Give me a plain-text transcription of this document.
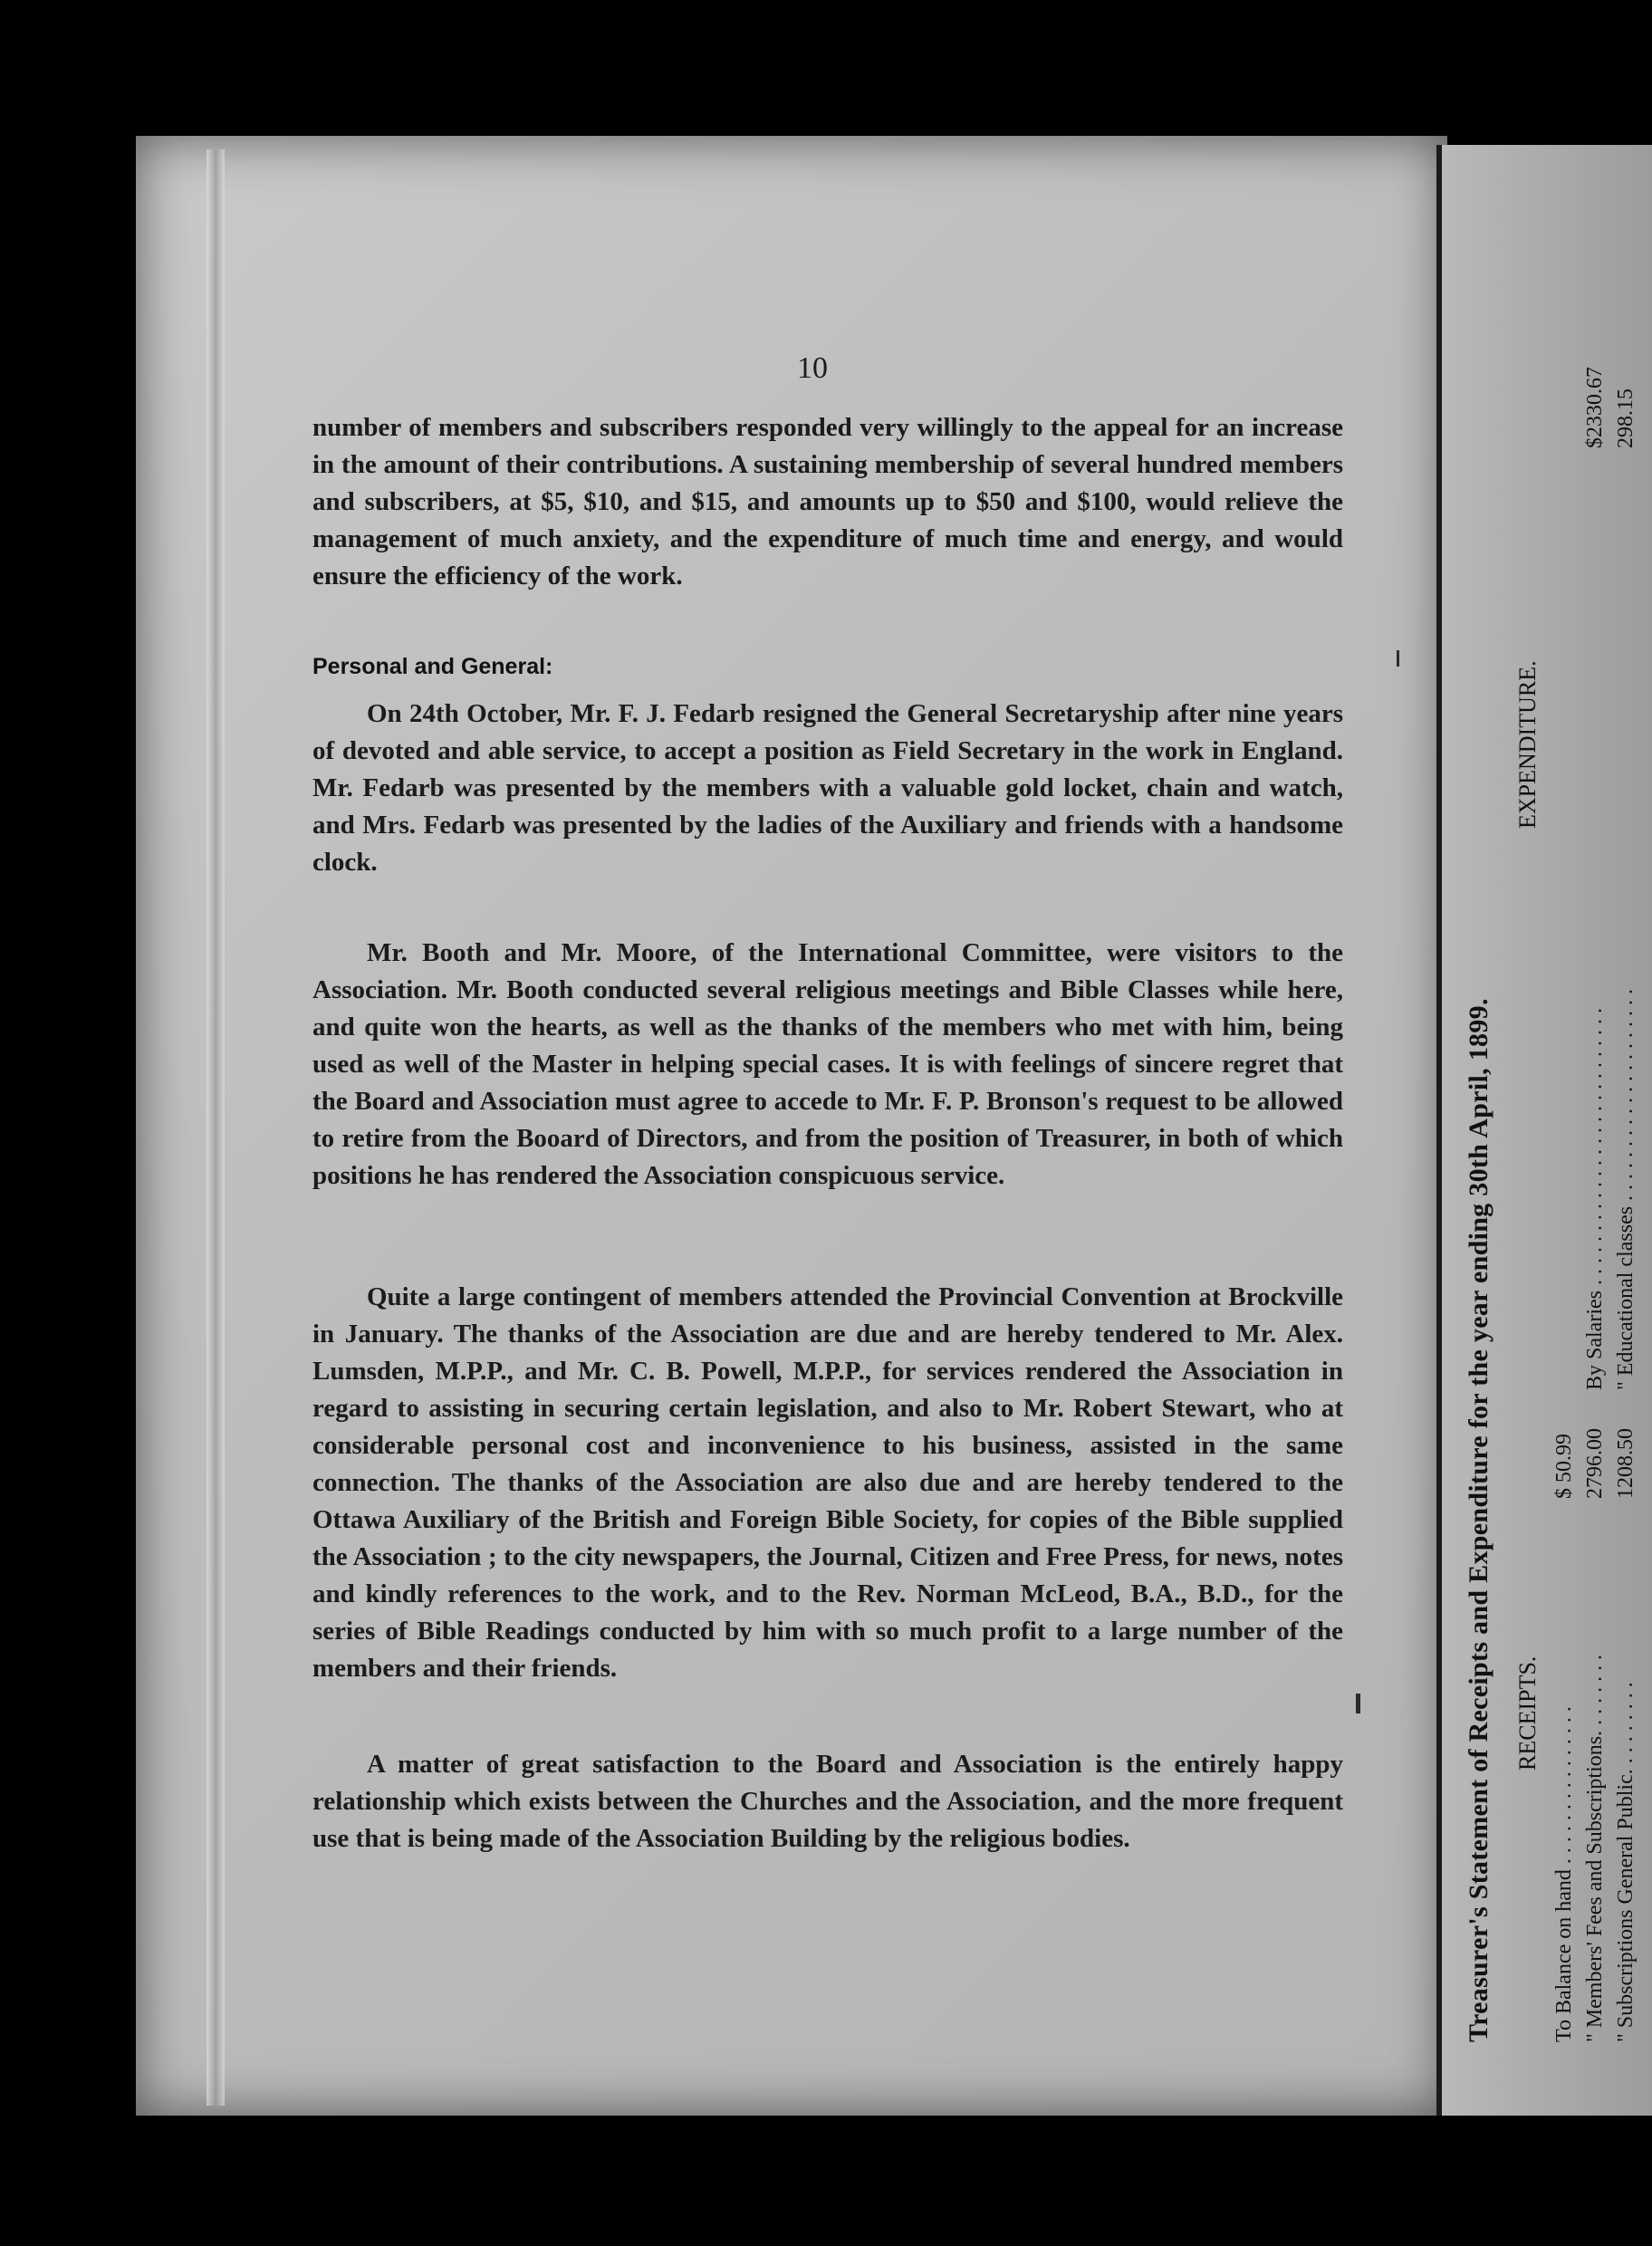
10
number of members and subscribers responded very willingly to the appeal for an increase in the amount of their contributions. A sustaining membership of several hundred members and subscribers, at $5, $10, and $15, and amounts up to $50 and $100, would relieve the management of much anxiety, and the expenditure of much time and energy, and would ensure the efficiency of the work.
Personal and General:
On 24th October, Mr. F. J. Fedarb resigned the General Secretaryship after nine years of devoted and able service, to accept a position as Field Secretary in the work in England. Mr. Fedarb was presented by the members with a valuable gold locket, chain and watch, and Mrs. Fedarb was presented by the ladies of the Auxiliary and friends with a handsome clock.
Mr. Booth and Mr. Moore, of the International Committee, were visitors to the Association. Mr. Booth conducted several religious meetings and Bible Classes while here, and quite won the hearts, as well as the thanks of the members who met with him, being used as well of the Master in helping special cases. It is with feelings of sincere regret that the Board and Association must agree to accede to Mr. F. P. Bronson's request to be allowed to retire from the Booard of Directors, and from the position of Treasurer, in both of which positions he has rendered the Association conspicuous service.
Quite a large contingent of members attended the Provincial Convention at Brockville in January. The thanks of the Association are due and are hereby tendered to Mr. Alex. Lumsden, M.P.P., and Mr. C. B. Powell, M.P.P., for services rendered the Association in regard to assisting in securing certain legislation, and also to Mr. Robert Stewart, who at considerable personal cost and inconvenience to his business, assisted in the same connection. The thanks of the Association are also due and are hereby tendered to the Ottawa Auxiliary of the British and Foreign Bible Society, for copies of the Bible supplied the Association ; to the city newspapers, the Journal, Citizen and Free Press, for news, notes and kindly references to the work, and to the Rev. Norman McLeod, B.A., B.D., for the series of Bible Readings conducted by him with so much profit to a large number of the members and their friends.
A matter of great satisfaction to the Board and Association is the entirely happy relationship which exists between the Churches and the Association, and the more frequent use that is being made of the Association Building by the religious bodies.	Treasurer's Statement of Receipts and Expenditure for the year ending 30th April, 1899. RECEIPTS.
EXPENDITURE.
To Balance on hand . . . . . . . . . . . . . . .
$ 50.99
" Members' Fees and Subscriptions. . . . . . . .
2796.00
" Subscriptions General Public. . . . . . . . .
1208.50
By Salaries . . . . . . . . . . . . . . . . . . . . . . . . . .
$2330.67
" Educational classes . . . . . . . . . . . . . . . . . . . .
298.15
